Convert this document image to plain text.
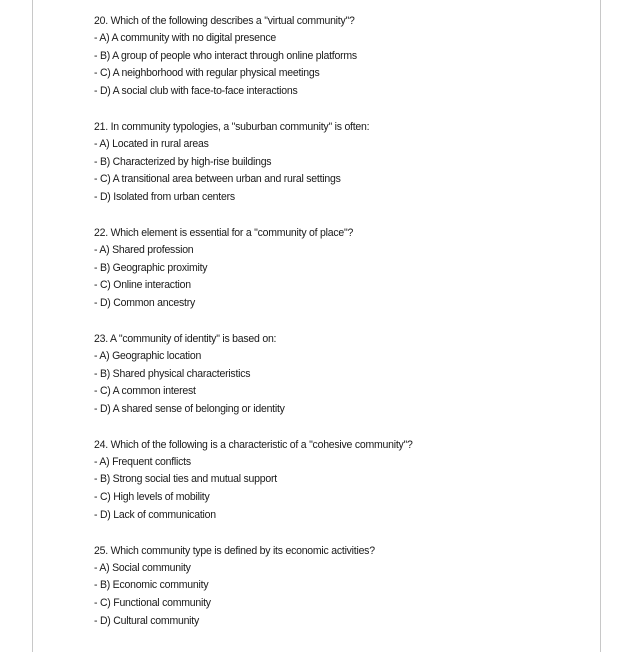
20. Which of the following describes a "virtual community"?
- A) A community with no digital presence
- B) A group of people who interact through online platforms
- C) A neighborhood with regular physical meetings
- D) A social club with face-to-face interactions
21. In community typologies, a "suburban community" is often:
- A) Located in rural areas
- B) Characterized by high-rise buildings
- C) A transitional area between urban and rural settings
- D) Isolated from urban centers
22. Which element is essential for a "community of place"?
- A) Shared profession
- B) Geographic proximity
- C) Online interaction
- D) Common ancestry
23. A "community of identity" is based on:
- A) Geographic location
- B) Shared physical characteristics
- C) A common interest
- D) A shared sense of belonging or identity
24. Which of the following is a characteristic of a "cohesive community"?
- A) Frequent conflicts
- B) Strong social ties and mutual support
- C) High levels of mobility
- D) Lack of communication
25. Which community type is defined by its economic activities?
- A) Social community
- B) Economic community
- C) Functional community
- D) Cultural community
